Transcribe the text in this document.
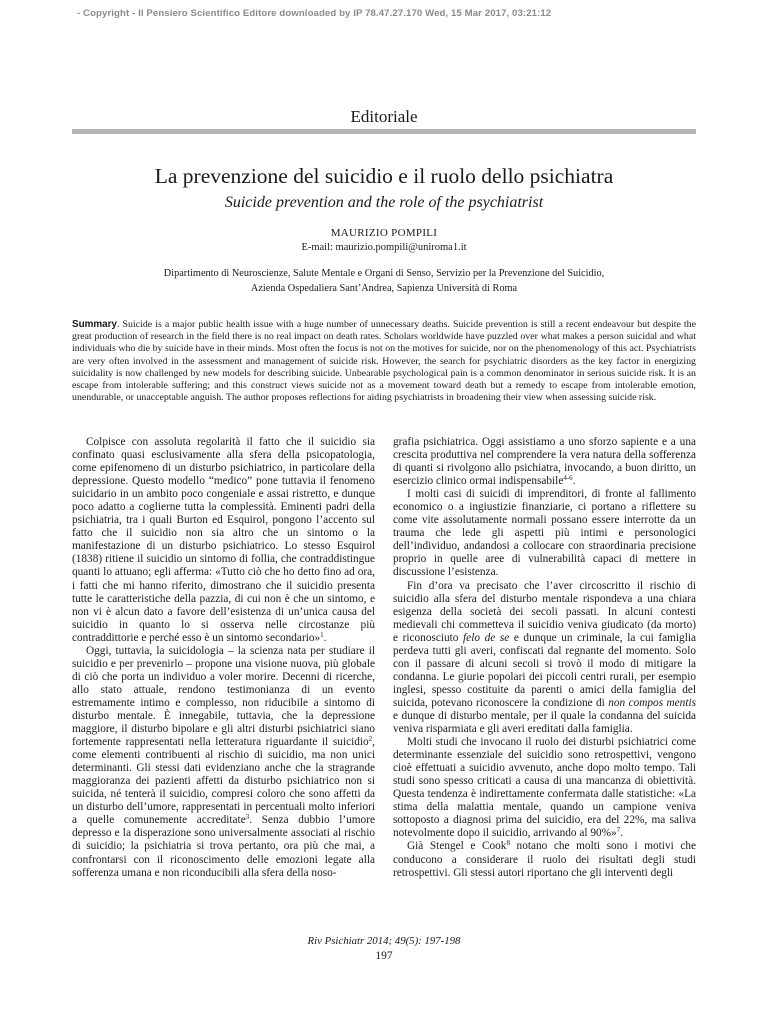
- Copyright - Il Pensiero Scientifico Editore downloaded by IP 78.47.27.170 Wed, 15 Mar 2017, 03:21:12
Editoriale
La prevenzione del suicidio e il ruolo dello psichiatra
Suicide prevention and the role of the psychiatrist
MAURIZIO POMPILI
E-mail: maurizio.pompili@uniroma1.it
Dipartimento di Neuroscienze, Salute Mentale e Organi di Senso, Servizio per la Prevenzione del Suicidio,
Azienda Ospedaliera Sant’Andrea, Sapienza Università di Roma
Summary. Suicide is a major public health issue with a huge number of unnecessary deaths. Suicide prevention is still a recent endeavour but despite the great production of research in the field there is no real impact on death rates. Scholars worldwide have puzzled over what makes a person suicidal and what individuals who die by suicide have in their minds. Most often the focus is not on the motives for suicide, nor on the phenomenology of this act. Psychiatrists are very often involved in the assessment and management of suicide risk. However, the search for psychiatric disorders as the key factor in energizing suicidality is now challenged by new models for describing suicide. Unbearable psychological pain is a common denominator in serious suicide risk. It is an escape from intolerable suffering; and this construct views suicide not as a movement toward death but a remedy to escape from intolerable emotion, unendurable, or unacceptable anguish. The author proposes reflections for aiding psychiatrists in broadening their view when assessing suicide risk.

Colpisce con assoluta regolarità il fatto che il suicidio sia confinato quasi esclusivamente alla sfera della psicopatologia, come epifenomeno di un disturbo psichiatrico, in particolare della depressione. Questo modello “medico” pone tuttavia il fenomeno suicidario in un ambito poco congeniale e assai ristretto, e dunque poco adatto a coglierne tutta la complessità. Eminenti padri della psichiatria, tra i quali Burton ed Esquirol, pongono l’accento sul fatto che il suicidio non sia altro che un sintomo o la manifestazione di un disturbo psichiatrico. Lo stesso Esquirol (1838) ritiene il suicidio un sintomo di follia, che contraddistingue quanti lo attuano; egli afferma: «Tutto ciò che ho detto fino ad ora, i fatti che mi hanno riferito, dimostrano che il suicidio presenta tutte le caratteristiche della pazzia, di cui non è che un sintomo, e non vi è alcun dato a favore dell’esistenza di un’unica causa del suicidio in quanto lo si osserva nelle circostanze più contraddittorie e perché esso è un sintomo secondario»$^1$.

Oggi, tuttavia, la suicidologia – la scienza nata per studiare il suicidio e per prevenirlo – propone una visione nuova, più globale di ciò che porta un individuo a voler morire. Decenni di ricerche, allo stato attuale, rendono testimonianza di un evento estremamente intimo e complesso, non riducibile a sintomo di disturbo mentale. È innegabile, tuttavia, che la depressione maggiore, il disturbo bipolare e gli altri disturbi psichiatrici siano fortemente rappresentati nella letteratura riguardante il suicidio$^2$, come elementi contribuenti al rischio di suicidio, ma non unici determinanti. Gli stessi dati evidenziano anche che la stragrande maggioranza dei pazienti affetti da disturbo psichiatrico non si suicida, né tenterà il suicidio, compresi coloro che sono affetti da un disturbo dell’umore, rappresentati in percentuali molto inferiori a quelle comunemente accreditate$^3$. Senza dubbio l’umore depresso e la disperazione sono universalmente associati al rischio di suicidio; la psichiatria si trova pertanto, ora più che mai, a confrontarsi con il riconoscimento delle emozioni legate alla sofferenza umana e non riconducibili alla sfera della noso-

grafia psichiatrica. Oggi assistiamo a uno sforzo sapiente e a una crescita produttiva nel comprendere la vera natura della sofferenza di quanti si rivolgono allo psichiatra, invocando, a buon diritto, un esercizio clinico ormai indispensabile$^{4-6}$.

I molti casi di suicidi di imprenditori, di fronte al fallimento economico o a ingiustizie finanziarie, ci portano a riflettere su come vite assolutamente normali possano essere interrotte da un trauma che lede gli aspetti più intimi e personologici dell’individuo, andandosi a collocare con straordinaria precisione proprio in quelle aree di vulnerabilità capaci di mettere in discussione l’esistenza.

Fin d’ora va precisato che l’aver circoscritto il rischio di suicidio alla sfera del disturbo mentale rispondeva a una chiara esigenza della società dei secoli passati. In alcuni contesti medievali chi commetteva il suicidio veniva giudicato (da morto) e riconosciuto felo de se e dunque un criminale, la cui famiglia perdeva tutti gli averi, confiscati dal regnante del momento. Solo con il passare di alcuni secoli si trovò il modo di mitigare la condanna. Le giurie popolari dei piccoli centri rurali, per esempio inglesi, spesso costituite da parenti o amici della famiglia del suicida, potevano riconoscere la condizione di non compos mentis e dunque di disturbo mentale, per il quale la condanna del suicida veniva risparmiata e gli averi ereditati dalla famiglia.

Molti studi che invocano il ruolo dei disturbi psichiatrici come determinante essenziale del suicidio sono retrospettivi, vengono cioè effettuati a suicidio avvenuto, anche dopo molto tempo. Tali studi sono spesso criticati a causa di una mancanza di obiettività. Questa tendenza è indirettamente confermata dalle statistiche: «La stima della malattia mentale, quando un campione veniva sottoposto a diagnosi prima del suicidio, era del 22%, ma saliva notevolmente dopo il suicidio, arrivando al 90%»$^7$.

Già Stengel e Cook$^8$ notano che molti sono i motivi che conducono a considerare il ruolo dei risultati degli studi retrospettivi. Gli stessi autori riportano che gli interventi degli

Riv Psichiatr 2014; 49(5): 197-198
197
